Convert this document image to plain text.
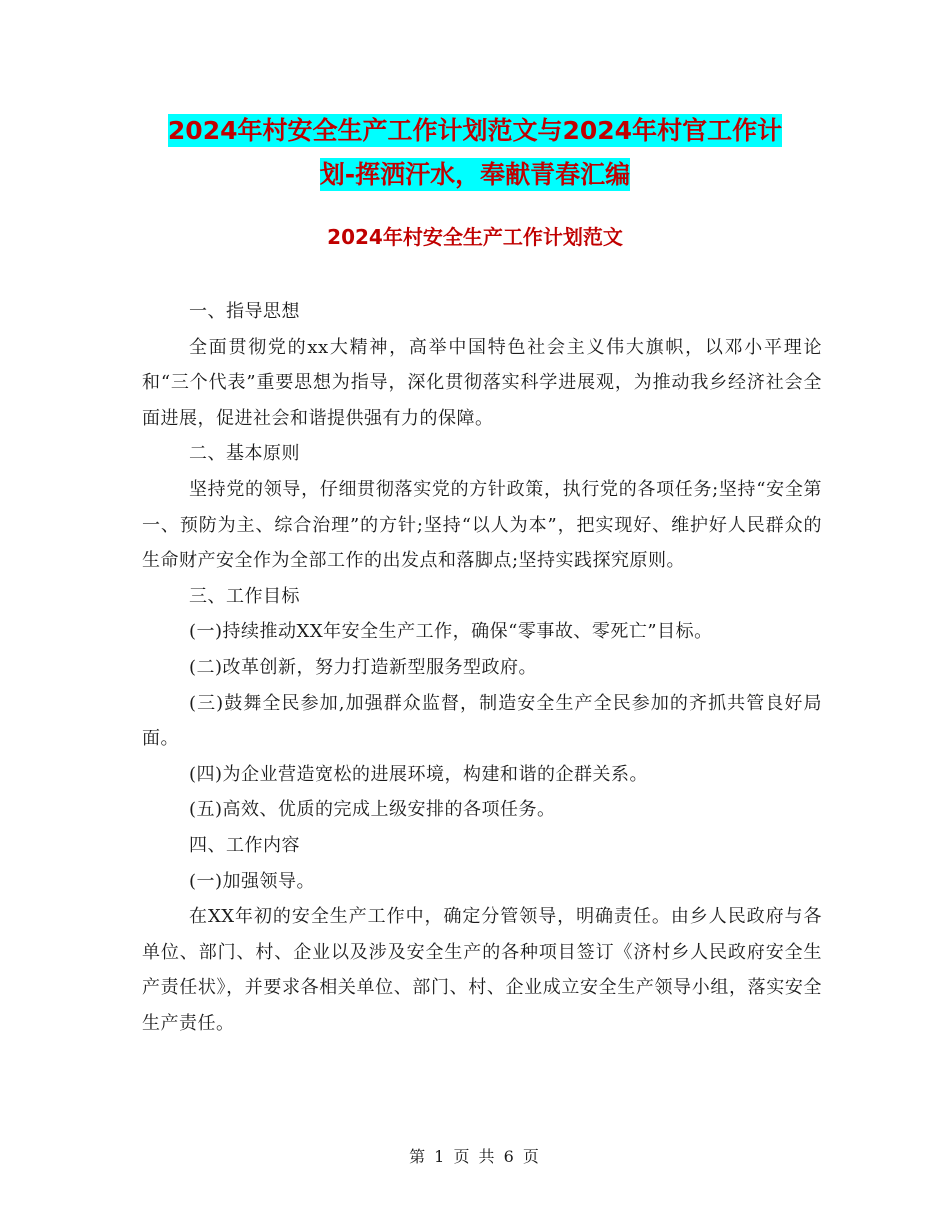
2024年村安全生产工作计划范文与2024年村官工作计
划-挥洒汗水，奉献青春汇编
2024年村安全生产工作计划范文

一、指导思想

全面贯彻党的xx大精神，高举中国特色社会主义伟大旗帜，以邓小平理论和“三个代表”重要思想为指导，深化贯彻落实科学进展观，为推动我乡经济社会全面进展，促进社会和谐提供强有力的保障。

二、基本原则

坚持党的领导，仔细贯彻落实党的方针政策，执行党的各项任务;坚持“安全第一、预防为主、综合治理”的方针;坚持“以人为本”，把实现好、维护好人民群众的生命财产安全作为全部工作的出发点和落脚点;坚持实践探究原则。

三、工作目标

(一)持续推动XX年安全生产工作，确保“零事故、零死亡”目标。

(二)改革创新，努力打造新型服务型政府。

(三)鼓舞全民参加,加强群众监督，制造安全生产全民参加的齐抓共管良好局面。

(四)为企业营造宽松的进展环境，构建和谐的企群关系。

(五)高效、优质的完成上级安排的各项任务。

四、工作内容

(一)加强领导。

在XX年初的安全生产工作中，确定分管领导，明确责任。由乡人民政府与各单位、部门、村、企业以及涉及安全生产的各种项目签订《济村乡人民政府安全生产责任状》，并要求各相关单位、部门、村、企业成立安全生产领导小组，落实安全生产责任。

第 1 页 共 6 页
